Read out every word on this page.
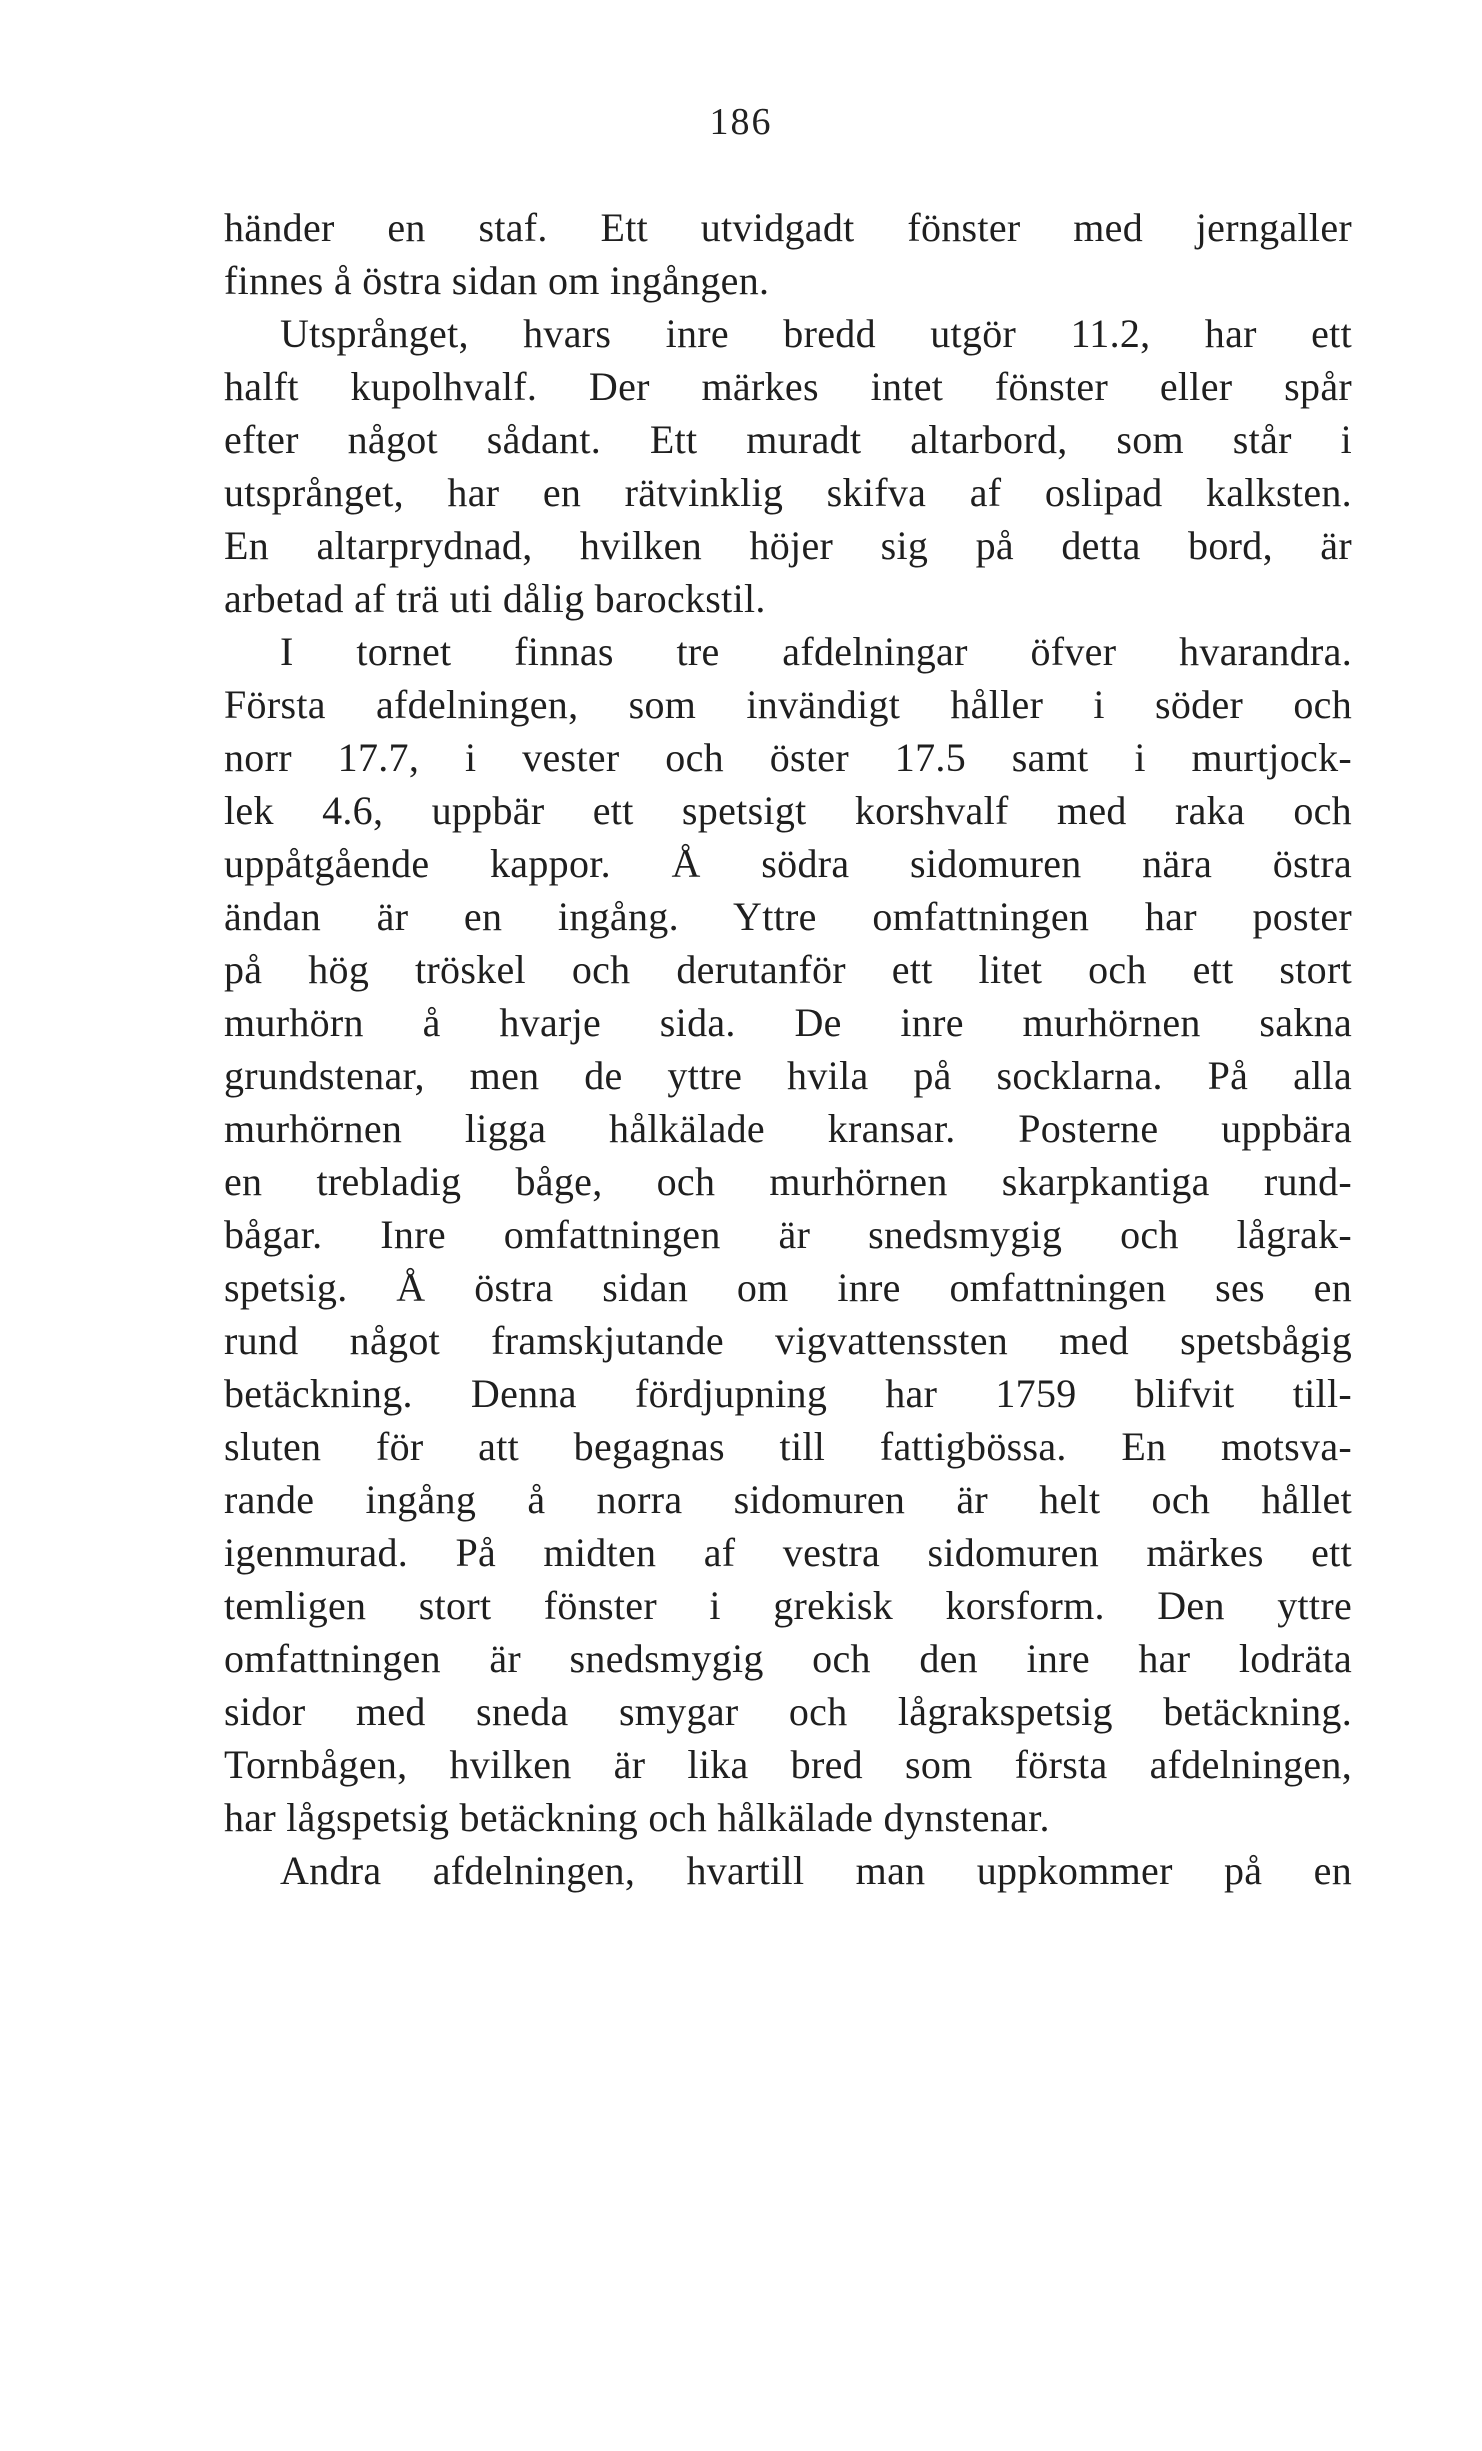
186
händer en staf. Ett utvidgadt fönster med jerngaller
finnes å östra sidan om ingången.
Utsprånget, hvars inre bredd utgör 11.2, har ett
halft kupolhvalf. Der märkes intet fönster eller spår
efter något sådant. Ett muradt altarbord, som står i
utsprånget, har en rätvinklig skifva af oslipad kalksten.
En altarprydnad, hvilken höjer sig på detta bord, är
arbetad af trä uti dålig barockstil.
I tornet finnas tre afdelningar öfver hvarandra.
Första afdelningen, som invändigt håller i söder och
norr 17.7, i vester och öster 17.5 samt i murtjock-
lek 4.6, uppbär ett spetsigt korshvalf med raka och
uppåtgående kappor. Å södra sidomuren nära östra
ändan är en ingång. Yttre omfattningen har poster
på hög tröskel och derutanför ett litet och ett stort
murhörn å hvarje sida. De inre murhörnen sakna
grundstenar, men de yttre hvila på socklarna. På alla
murhörnen ligga hålkälade kransar. Posterne uppbära
en trebladig båge, och murhörnen skarpkantiga rund-
bågar. Inre omfattningen är snedsmygig och lågrak-
spetsig. Å östra sidan om inre omfattningen ses en
rund något framskjutande vigvattenssten med spetsbågig
betäckning. Denna fördjupning har 1759 blifvit till-
sluten för att begagnas till fattigbössa. En motsva-
rande ingång å norra sidomuren är helt och hållet
igenmurad. På midten af vestra sidomuren märkes ett
temligen stort fönster i grekisk korsform. Den yttre
omfattningen är snedsmygig och den inre har lodräta
sidor med sneda smygar och lågrakspetsig betäckning.
Tornbågen, hvilken är lika bred som första afdelningen,
har lågspetsig betäckning och hålkälade dynstenar.
Andra afdelningen, hvartill man uppkommer på en
